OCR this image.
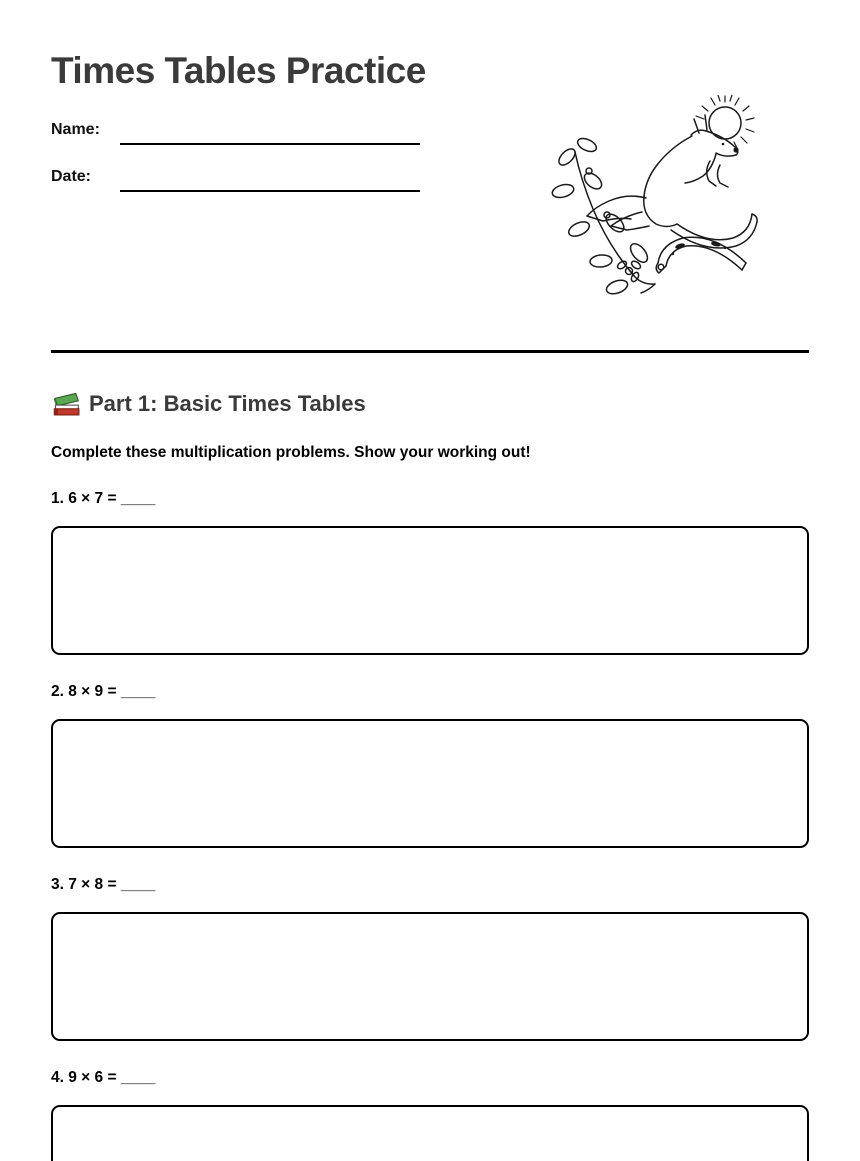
Times Tables Practice
Name:
Date:
Part 1: Basic Times Tables

Complete these multiplication problems. Show your working out!

1. 6 × 7 = ____

2. 8 × 9 = ____

3. 7 × 8 = ____

4. 9 × 6 = ____
